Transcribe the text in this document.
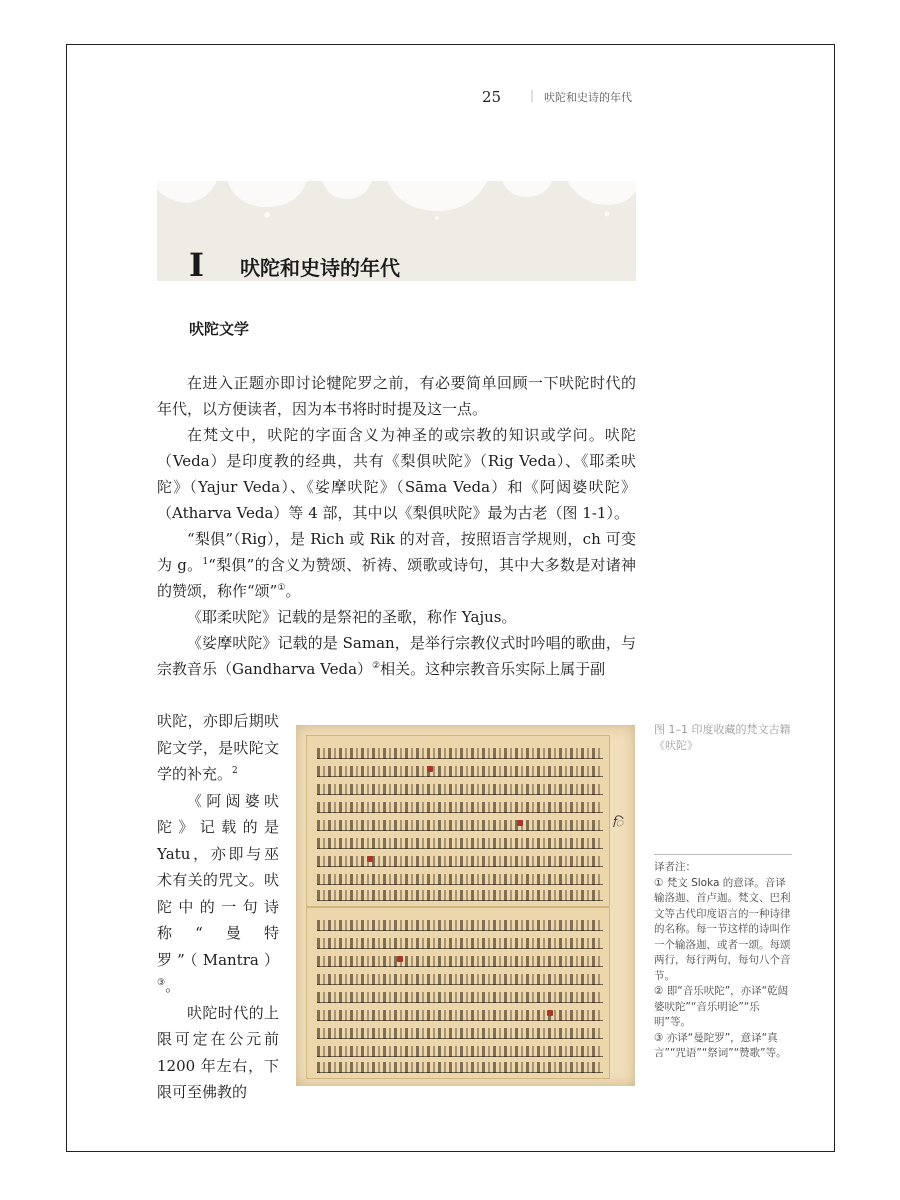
25 | 吠陀和史诗的年代
I 吠陀和史诗的年代
吠陀文学

在进入正题亦即讨论犍陀罗之前，有必要简单回顾一下吠陀时代的年代，以方便读者，因为本书将时时提及这一点。

在梵文中，吠陀的字面含义为神圣的或宗教的知识或学问。吠陀（Veda）是印度教的经典，共有《梨俱吠陀》（Rig Veda）、《耶柔吠陀》（Yajur Veda）、《娑摩吠陀》（Sāma Veda）和《阿闼婆吠陀》（Atharva Veda）等 4 部，其中以《梨俱吠陀》最为古老（图 1-1）。

“梨俱”（Rig），是 Rich 或 Rik 的对音，按照语言学规则，ch 可变为 g。$^1$“梨俱”的含义为赞颂、祈祷、颂歌或诗句，其中大多数是对诸神的赞颂，称作“颂”①。

《耶柔吠陀》记载的是祭祀的圣歌，称作 Yajus。

《娑摩吠陀》记载的是 Saman，是举行宗教仪式时吟唱的歌曲，与宗教音乐（Gandharva Veda）②相关。这种宗教音乐实际上属于副

吠陀，亦即后期吠陀文学，是吠陀文学的补充。$^2$

《阿闼婆吠陀》记载的是 Yatu，亦即与巫术有关的咒文。吠陀中的一句诗称“曼特罗”（Mantra）③。

吠陀时代的上限可定在公元前 1200 年左右，下限可至佛教的

ि
图 1–1 印度收藏的梵文古籍《吠陀》

译者注：

① 梵文 Sloka 的意译。音译输洛迦、首卢迦。梵文、巴利文等古代印度语言的一种诗律的名称。每一节这样的诗叫作一个输洛迦，或者一颂。每颂两行，每行两句，每句八个音节。

② 即“音乐吠陀”，亦译“乾闼婆吠陀”“音乐明论”“乐明”等。

③ 亦译“曼陀罗”，意译“真言”“咒语”“祭词”“赞歌”等。
